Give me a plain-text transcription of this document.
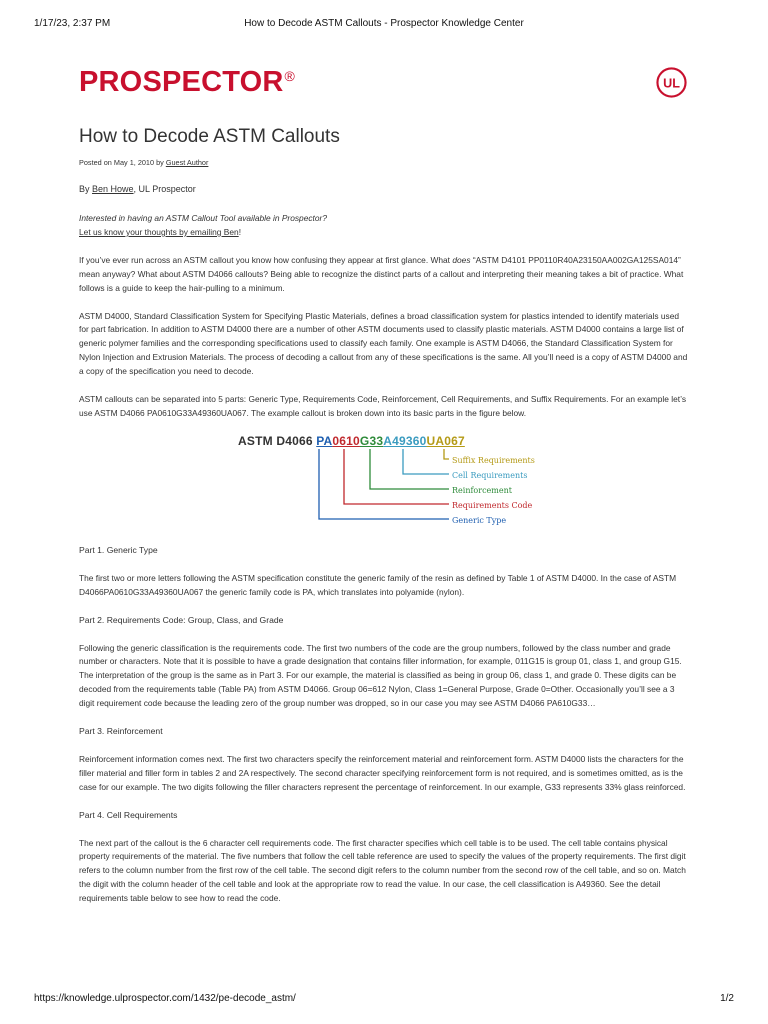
1/17/23, 2:37 PM	How to Decode ASTM Callouts - Prospector Knowledge Center
PROSPECTOR®	UL
How to Decode ASTM Callouts
Posted on May 1, 2010 by Guest Author
By Ben Howe, UL Prospector
Interested in having an ASTM Callout Tool available in Prospector?
Let us know your thoughts by emailing Ben!

If you’ve ever run across an ASTM callout you know how confusing they appear at first glance. What does “ASTM D4101 PP0110R40A23150AA002GA125SA014” mean anyway? What about ASTM D4066 callouts? Being able to recognize the distinct parts of a callout and interpreting their meaning takes a bit of practice. What follows is a guide to keep the hair-pulling to a minimum.

ASTM D4000, Standard Classification System for Specifying Plastic Materials, defines a broad classification system for plastics intended to identify materials used for part fabrication. In addition to ASTM D4000 there are a number of other ASTM documents used to classify plastic materials. ASTM D4000 contains a large list of generic polymer families and the corresponding specifications used to classify each family. One example is ASTM D4066, the Standard Classification System for Nylon Injection and Extrusion Materials. The process of decoding a callout from any of these specifications is the same. All you’ll need is a copy of ASTM D4000 and a copy of the specification you need to decode.

ASTM callouts can be separated into 5 parts: Generic Type, Requirements Code, Reinforcement, Cell Requirements, and Suffix Requirements. For an example let’s use ASTM D4066 PA0610G33A49360UA067. The example callout is broken down into its basic parts in the figure below.

ASTM D4066 PA0610G33A49360UA067
Suffix Requirements
Cell Requirements
Reinforcement
Requirements Code
Generic Type
Part 1. Generic Type

The first two or more letters following the ASTM specification constitute the generic family of the resin as defined by Table 1 of ASTM D4000. In the case of ASTM D4066PA0610G33A49360UA067 the generic family code is PA, which translates into polyamide (nylon).

Part 2. Requirements Code: Group, Class, and Grade

Following the generic classification is the requirements code. The first two numbers of the code are the group numbers, followed by the class number and grade number or characters. Note that it is possible to have a grade designation that contains filler information, for example, 011G15 is group 01, class 1, and group G15. The interpretation of the group is the same as in Part 3. For our example, the material is classified as being in group 06, class 1, and grade 0. These digits can be decoded from the requirements table (Table PA) from ASTM D4066. Group 06=612 Nylon, Class 1=General Purpose, Grade 0=Other. Occasionally you’ll see a 3 digit requirement code because the leading zero of the group number was dropped, so in our case you may see ASTM D4066 PA610G33…

Part 3. Reinforcement

Reinforcement information comes next. The first two characters specify the reinforcement material and reinforcement form. ASTM D4000 lists the characters for the filler material and filler form in tables 2 and 2A respectively. The second character specifying reinforcement form is not required, and is sometimes omitted, as is the case for our example. The two digits following the filler characters represent the percentage of reinforcement. In our example, G33 represents 33% glass reinforced.

Part 4. Cell Requirements

The next part of the callout is the 6 character cell requirements code. The first character specifies which cell table is to be used. The cell table contains physical property requirements of the material. The five numbers that follow the cell table reference are used to specify the values of the property requirements. The first digit refers to the column number from the first row of the cell table. The second digit refers to the column number from the second row of the cell table, and so on. Match the digit with the column header of the cell table and look at the appropriate row to read the value. In our case, the cell classification is A49360. See the detail requirements table below to see how to read the code.

https://knowledge.ulprospector.com/1432/pe-decode_astm/	1/2
